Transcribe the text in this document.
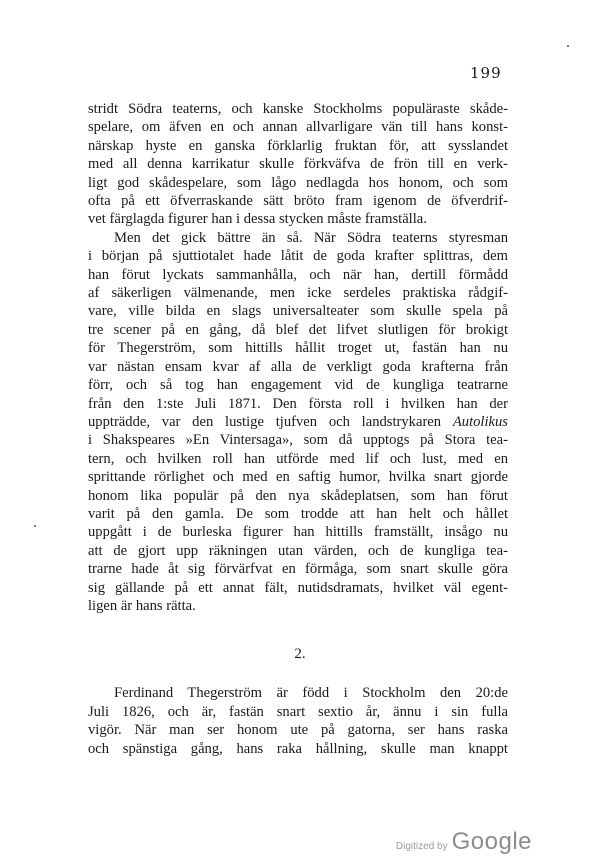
199
stridt Södra teaterns, och kanske Stockholms populäraste skåde-
spelare, om äfven en och annan allvarligare vän till hans konst-
närskap hyste en ganska förklarlig fruktan för, att sysslandet
med all denna karrikatur skulle förkväfva de frön till en verk-
ligt god skådespelare, som lågo nedlagda hos honom, och som
ofta på ett öfverraskande sätt bröto fram igenom de öfverdrif-
vet färglagda figurer han i dessa stycken måste framställa.
Men det gick bättre än så. När Södra teaterns styresman
i början på sjuttiotalet hade låtit de goda krafter splittras, dem
han förut lyckats sammanhålla, och när han, dertill förmådd
af säkerligen välmenande, men icke serdeles praktiska rådgif-
vare, ville bilda en slags universalteater som skulle spela på
tre scener på en gång, då blef det lifvet slutligen för brokigt
för Thegerström, som hittills hållit troget ut, fastän han nu
var nästan ensam kvar af alla de verkligt goda krafterna från
förr, och så tog han engagement vid de kungliga teatrarne
från den 1:ste Juli 1871. Den första roll i hvilken han der
uppträdde, var den lustige tjufven och landstrykaren Autolikus
i Shakspeares »En Vintersaga», som då upptogs på Stora tea-
tern, och hvilken roll han utförde med lif och lust, med en
sprittande rörlighet och med en saftig humor, hvilka snart gjorde
honom lika populär på den nya skådeplatsen, som han förut
varit på den gamla. De som trodde att han helt och hållet
uppgått i de burleska figurer han hittills framställt, insågo nu
att de gjort upp räkningen utan värden, och de kungliga tea-
trarne hade åt sig förvärfvat en förmåga, som snart skulle göra
sig gällande på ett annat fält, nutidsdramats, hvilket väl egent-
ligen är hans rätta.
2.
Ferdinand Thegerström är född i Stockholm den 20:de
Juli 1826, och är, fastän snart sextio år, ännu i sin fulla
vigör. När man ser honom ute på gatorna, ser hans raska
och spänstiga gång, hans raka hållning, skulle man knappt
Digitized by Google
